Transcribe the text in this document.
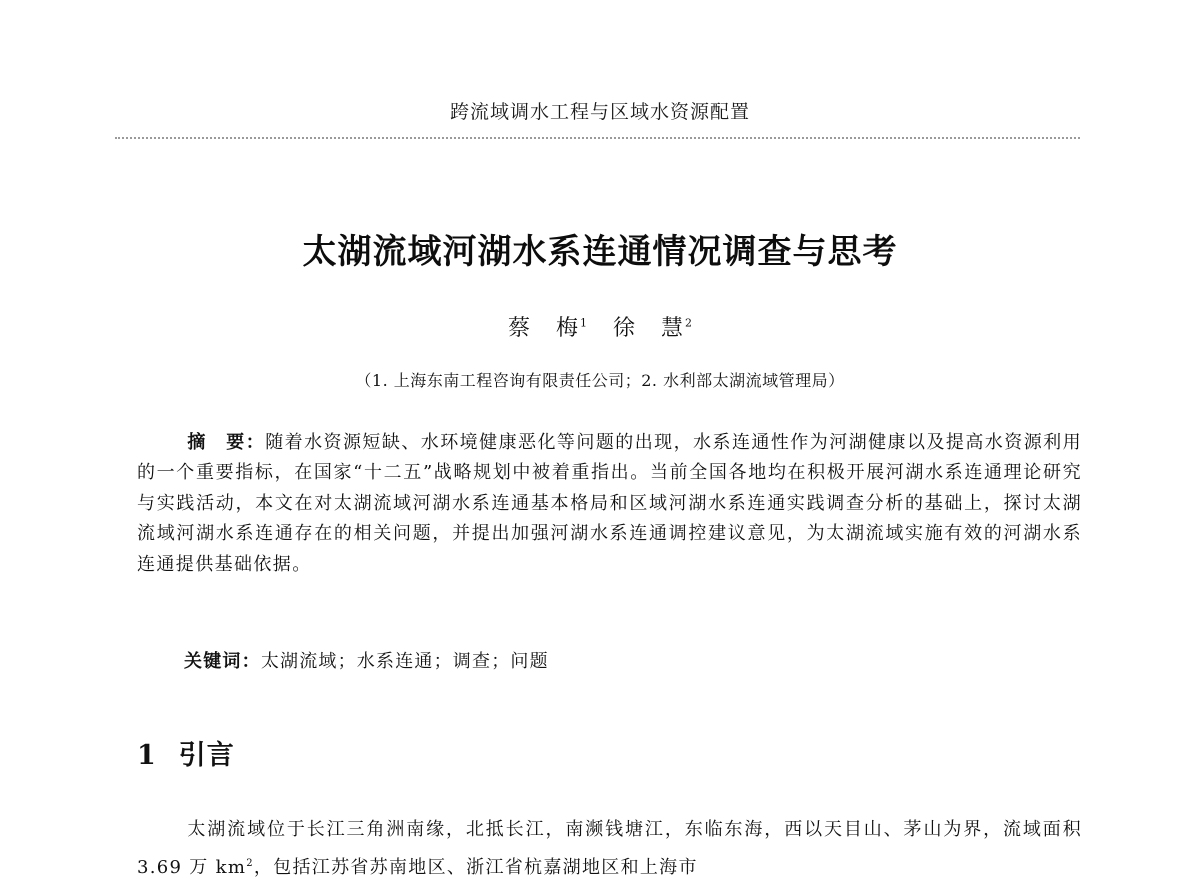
跨流域调水工程与区域水资源配置
太湖流域河湖水系连通情况调查与思考
蔡　梅$^1$ 徐　慧$^2$
（1. 上海东南工程咨询有限责任公司；2. 水利部太湖流域管理局）
摘　要：随着水资源短缺、水环境健康恶化等问题的出现，水系连通性作为河湖健康以及提高水资源利用的一个重要指标，在国家“十二五”战略规划中被着重指出。当前全国各地均在积极开展河湖水系连通理论研究与实践活动，本文在对太湖流域河湖水系连通基本格局和区域河湖水系连通实践调查分析的基础上，探讨太湖流域河湖水系连通存在的相关问题，并提出加强河湖水系连通调控建议意见，为太湖流域实施有效的河湖水系连通提供基础依据。
关键词：太湖流域；水系连通；调查；问题
1 引言
太湖流域位于长江三角洲南缘，北抵长江，南濒钱塘江，东临东海，西以天目山、茅山为界，流域面积 3.69 万 $km^2$，包括江苏省苏南地区、浙江省杭嘉湖地区和上海市
